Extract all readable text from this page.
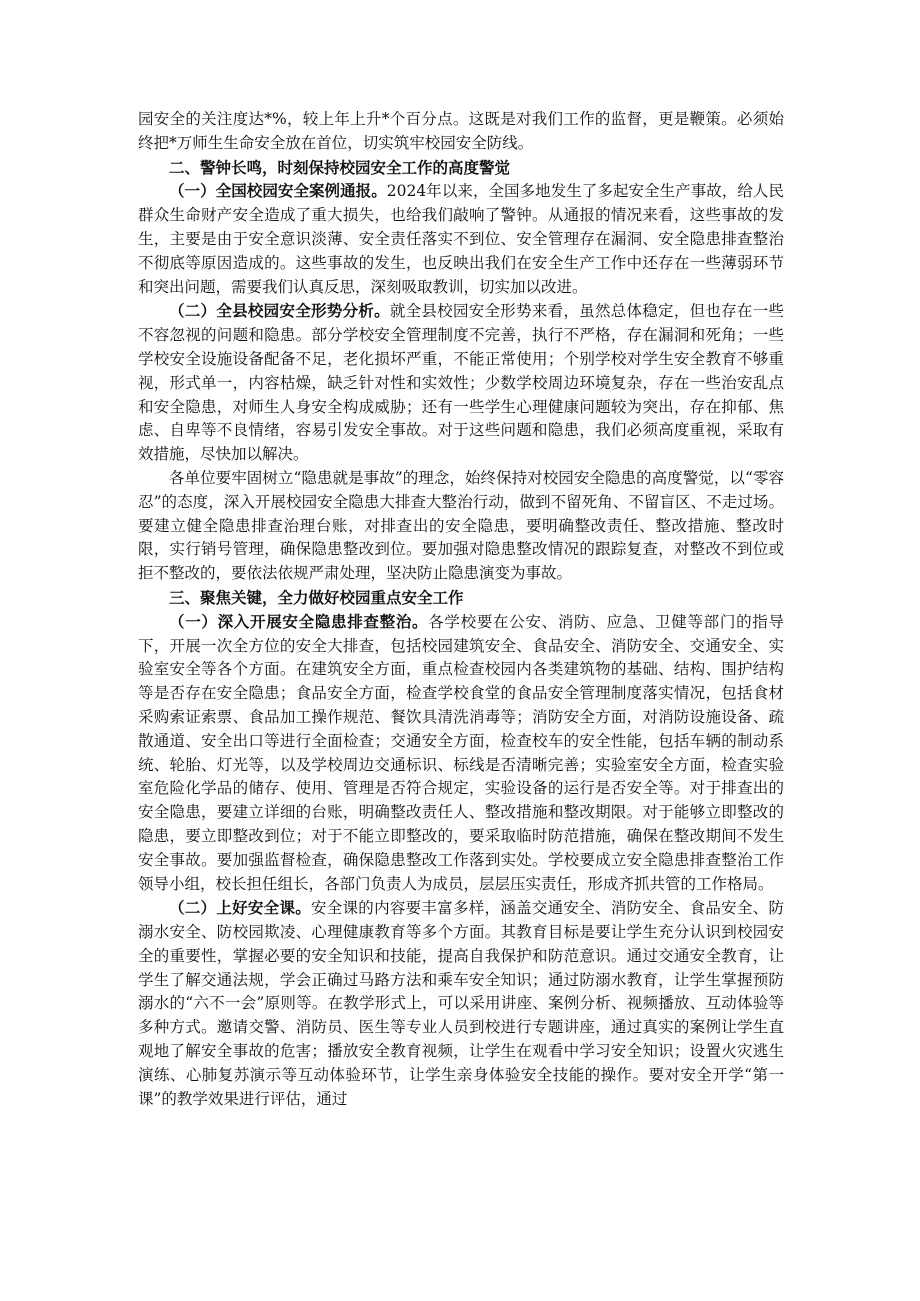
园安全的关注度达*%，较上年上升*个百分点。这既是对我们工作的监督，更是鞭策。必须始终把*万师生生命安全放在首位，切实筑牢校园安全防线。

二、警钟长鸣，时刻保持校园安全工作的高度警觉

（一）全国校园安全案例通报。2024年以来，全国多地发生了多起安全生产事故，给人民群众生命财产安全造成了重大损失，也给我们敲响了警钟。从通报的情况来看，这些事故的发生，主要是由于安全意识淡薄、安全责任落实不到位、安全管理存在漏洞、安全隐患排查整治不彻底等原因造成的。这些事故的发生，也反映出我们在安全生产工作中还存在一些薄弱环节和突出问题，需要我们认真反思，深刻吸取教训，切实加以改进。

（二）全县校园安全形势分析。就全县校园安全形势来看，虽然总体稳定，但也存在一些不容忽视的问题和隐患。部分学校安全管理制度不完善，执行不严格，存在漏洞和死角；一些学校安全设施设备配备不足，老化损坏严重，不能正常使用；个别学校对学生安全教育不够重视，形式单一，内容枯燥，缺乏针对性和实效性；少数学校周边环境复杂，存在一些治安乱点和安全隐患，对师生人身安全构成威胁；还有一些学生心理健康问题较为突出，存在抑郁、焦虑、自卑等不良情绪，容易引发安全事故。对于这些问题和隐患，我们必须高度重视，采取有效措施，尽快加以解决。

各单位要牢固树立“隐患就是事故”的理念，始终保持对校园安全隐患的高度警觉，以“零容忍”的态度，深入开展校园安全隐患大排查大整治行动，做到不留死角、不留盲区、不走过场。要建立健全隐患排查治理台账，对排查出的安全隐患，要明确整改责任、整改措施、整改时限，实行销号管理，确保隐患整改到位。要加强对隐患整改情况的跟踪复查，对整改不到位或拒不整改的，要依法依规严肃处理，坚决防止隐患演变为事故。

三、聚焦关键，全力做好校园重点安全工作

（一）深入开展安全隐患排查整治。各学校要在公安、消防、应急、卫健等部门的指导下，开展一次全方位的安全大排查，包括校园建筑安全、食品安全、消防安全、交通安全、实验室安全等各个方面。在建筑安全方面，重点检查校园内各类建筑物的基础、结构、围护结构等是否存在安全隐患；食品安全方面，检查学校食堂的食品安全管理制度落实情况，包括食材采购索证索票、食品加工操作规范、餐饮具清洗消毒等；消防安全方面，对消防设施设备、疏散通道、安全出口等进行全面检查；交通安全方面，检查校车的安全性能，包括车辆的制动系统、轮胎、灯光等，以及学校周边交通标识、标线是否清晰完善；实验室安全方面，检查实验室危险化学品的储存、使用、管理是否符合规定，实验设备的运行是否安全等。对于排查出的安全隐患，要建立详细的台账，明确整改责任人、整改措施和整改期限。对于能够立即整改的隐患，要立即整改到位；对于不能立即整改的，要采取临时防范措施，确保在整改期间不发生安全事故。要加强监督检查，确保隐患整改工作落到实处。学校要成立安全隐患排查整治工作领导小组，校长担任组长，各部门负责人为成员，层层压实责任，形成齐抓共管的工作格局。

（二）上好安全课。安全课的内容要丰富多样，涵盖交通安全、消防安全、食品安全、防溺水安全、防校园欺凌、心理健康教育等多个方面。其教育目标是要让学生充分认识到校园安全的重要性，掌握必要的安全知识和技能，提高自我保护和防范意识。通过交通安全教育，让学生了解交通法规，学会正确过马路方法和乘车安全知识；通过防溺水教育，让学生掌握预防溺水的“六不一会”原则等。在教学形式上，可以采用讲座、案例分析、视频播放、互动体验等多种方式。邀请交警、消防员、医生等专业人员到校进行专题讲座，通过真实的案例让学生直观地了解安全事故的危害；播放安全教育视频，让学生在观看中学习安全知识；设置火灾逃生演练、心肺复苏演示等互动体验环节，让学生亲身体验安全技能的操作。要对安全开学“第一课”的教学效果进行评估，通过
